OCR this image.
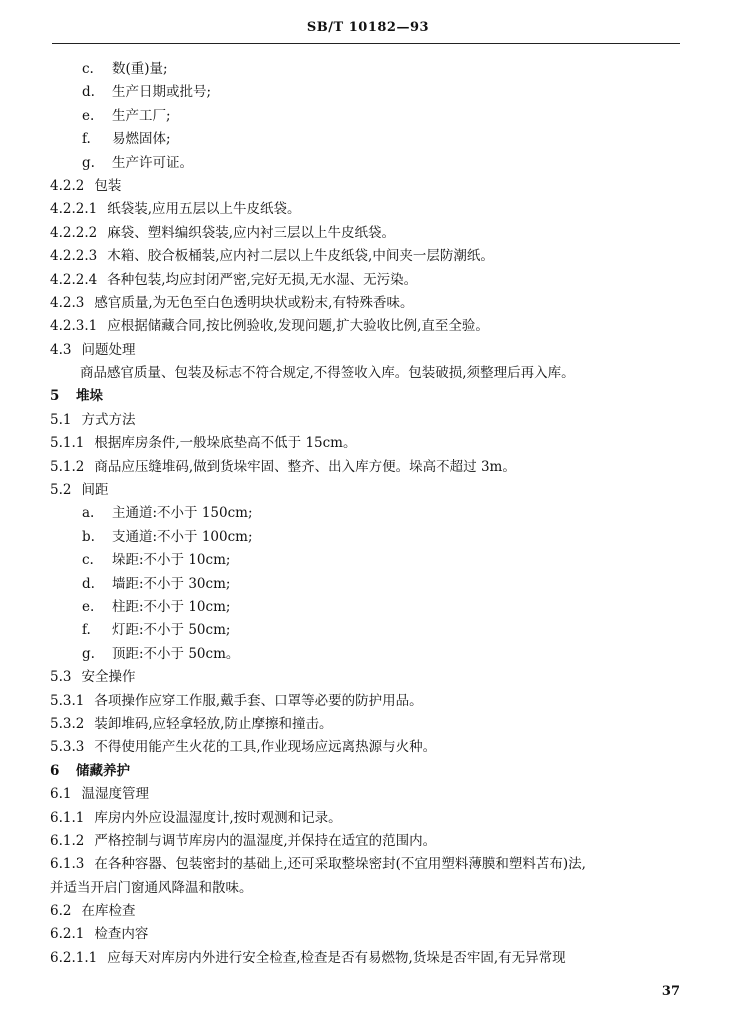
SB/T 10182—93
c. 数(重)量;
d. 生产日期或批号;
e. 生产工厂;
f. 易燃固体;
g. 生产许可证。
4.2.2 包装
4.2.2.1 纸袋装,应用五层以上牛皮纸袋。
4.2.2.2 麻袋、塑料编织袋装,应内衬三层以上牛皮纸袋。
4.2.2.3 木箱、胶合板桶装,应内衬二层以上牛皮纸袋,中间夹一层防潮纸。
4.2.2.4 各种包装,均应封闭严密,完好无损,无水湿、无污染。
4.2.3 感官质量,为无色至白色透明块状或粉末,有特殊香味。
4.2.3.1 应根据储藏合同,按比例验收,发现问题,扩大验收比例,直至全验。
4.3 问题处理
商品感官质量、包装及标志不符合规定,不得签收入库。包装破损,须整理后再入库。
5 堆垛
5.1 方式方法
5.1.1 根据库房条件,一般垛底垫高不低于 15cm。
5.1.2 商品应压缝堆码,做到货垛牢固、整齐、出入库方便。垛高不超过 3m。
5.2 间距
a. 主通道:不小于 150cm;
b. 支通道:不小于 100cm;
c. 垛距:不小于 10cm;
d. 墙距:不小于 30cm;
e. 柱距:不小于 10cm;
f. 灯距:不小于 50cm;
g. 顶距:不小于 50cm。
5.3 安全操作
5.3.1 各项操作应穿工作服,戴手套、口罩等必要的防护用品。
5.3.2 装卸堆码,应轻拿轻放,防止摩擦和撞击。
5.3.3 不得使用能产生火花的工具,作业现场应远离热源与火种。
6 储藏养护
6.1 温湿度管理
6.1.1 库房内外应设温湿度计,按时观测和记录。
6.1.2 严格控制与调节库房内的温湿度,并保持在适宜的范围内。
6.1.3 在各种容器、包装密封的基础上,还可采取整垛密封(不宜用塑料薄膜和塑料苫布)法,
并适当开启门窗通风降温和散味。
6.2 在库检查
6.2.1 检查内容
6.2.1.1 应每天对库房内外进行安全检查,检查是否有易燃物,货垛是否牢固,有无异常现
37
